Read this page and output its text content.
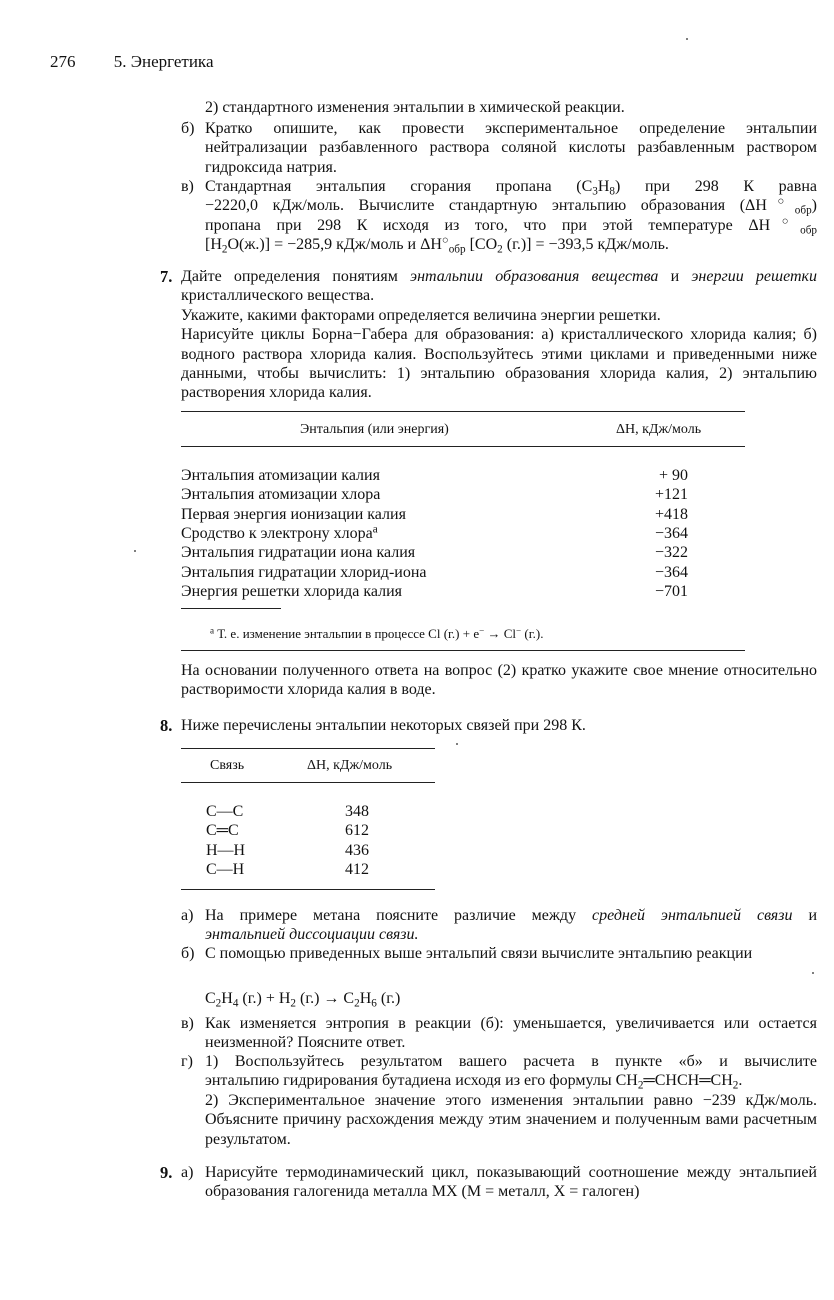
276 5. Энергетика
2) стандартного изменения энтальпии в химической реакции.
б) Кратко опишите, как провести экспериментальное определение энтальпии нейтрализации разбавленного раствора соляной кислоты разбавленным раствором гидроксида натрия.
в) Стандартная энтальпия сгорания пропана $(C_3H_8)$ при 298 К равна
−2220,0 кДж/моль. Вычислите стандартную энтальпию образования $(\Delta H^○_{обр})$
пропана при 298 К исходя из того, что при этой температуре $\Delta H^○_{обр}$
$[H_2O(ж.)] = -285,9$ кДж/моль и $\Delta H^○_{обр}$ [$CO_2$ (г.)] = −393,5 кДж/моль.
7. Дайте определения понятиям энтальпии образования вещества и энергии решетки
кристаллического вещества.
Укажите, какими факторами определяется величина энергии решетки.
Нарисуйте циклы Борна−Габера для образования: а) кристаллического хлорида калия; б) водного раствора хлорида калия. Воспользуйтесь этими циклами и приведенными ниже данными, чтобы вычислить: 1) энтальпию образования хлорида калия, 2) энтальпию растворения хлорида калия.
Энтальпия (или энергия)	ΔH, кДж/моль
Энтальпия атомизации калия	+ 90
Энтальпия атомизации хлора	+121
Первая энергия ионизации калия	+418
Сродство к электрону хлора$^а$	−364
Энтальпия гидратации иона калия	−322
Энтальпия гидратации хлорид-иона	−364
Энергия решетки хлорида калия	−701
$^а$ Т. е. изменение энтальпии в процессе Cl (г.) + e− → Cl− (г.).
На основании полученного ответа на вопрос (2) кратко укажите свое мнение относительно растворимости хлорида калия в воде.
8. Ниже перечислены энтальпии некоторых связей при 298 К.
Связь	ΔH, кДж/моль
C—C	348
C═C	612
H—H	436
C—H	412
а) На примере метана поясните различие между средней энтальпией связи и
энтальпией диссоциации связи.
б) С помощью приведенных выше энтальпий связи вычислите энтальпию реакции
$C_2H_4$ $(г.) + H_2$ $(г.) \to C_2H_6$ (г.)
в) Как изменяется энтропия в реакции (б): уменьшается, увеличивается или остается неизменной? Поясните ответ.
г) 1) Воспользуйтесь результатом вашего расчета в пункте «б» и вычислите
энтальпию гидрирования бутадиена исходя из его формулы $CH_2═CHCH═CH_2$.
2) Экспериментальное значение этого изменения энтальпии равно −239 кДж/моль. Объясните причину расхождения между этим значением и полученным вами расчетным результатом.
9. а) Нарисуйте термодинамический цикл, показывающий соотношение между энтальпией образования галогенида металла MX (M = металл, X = галоген)
